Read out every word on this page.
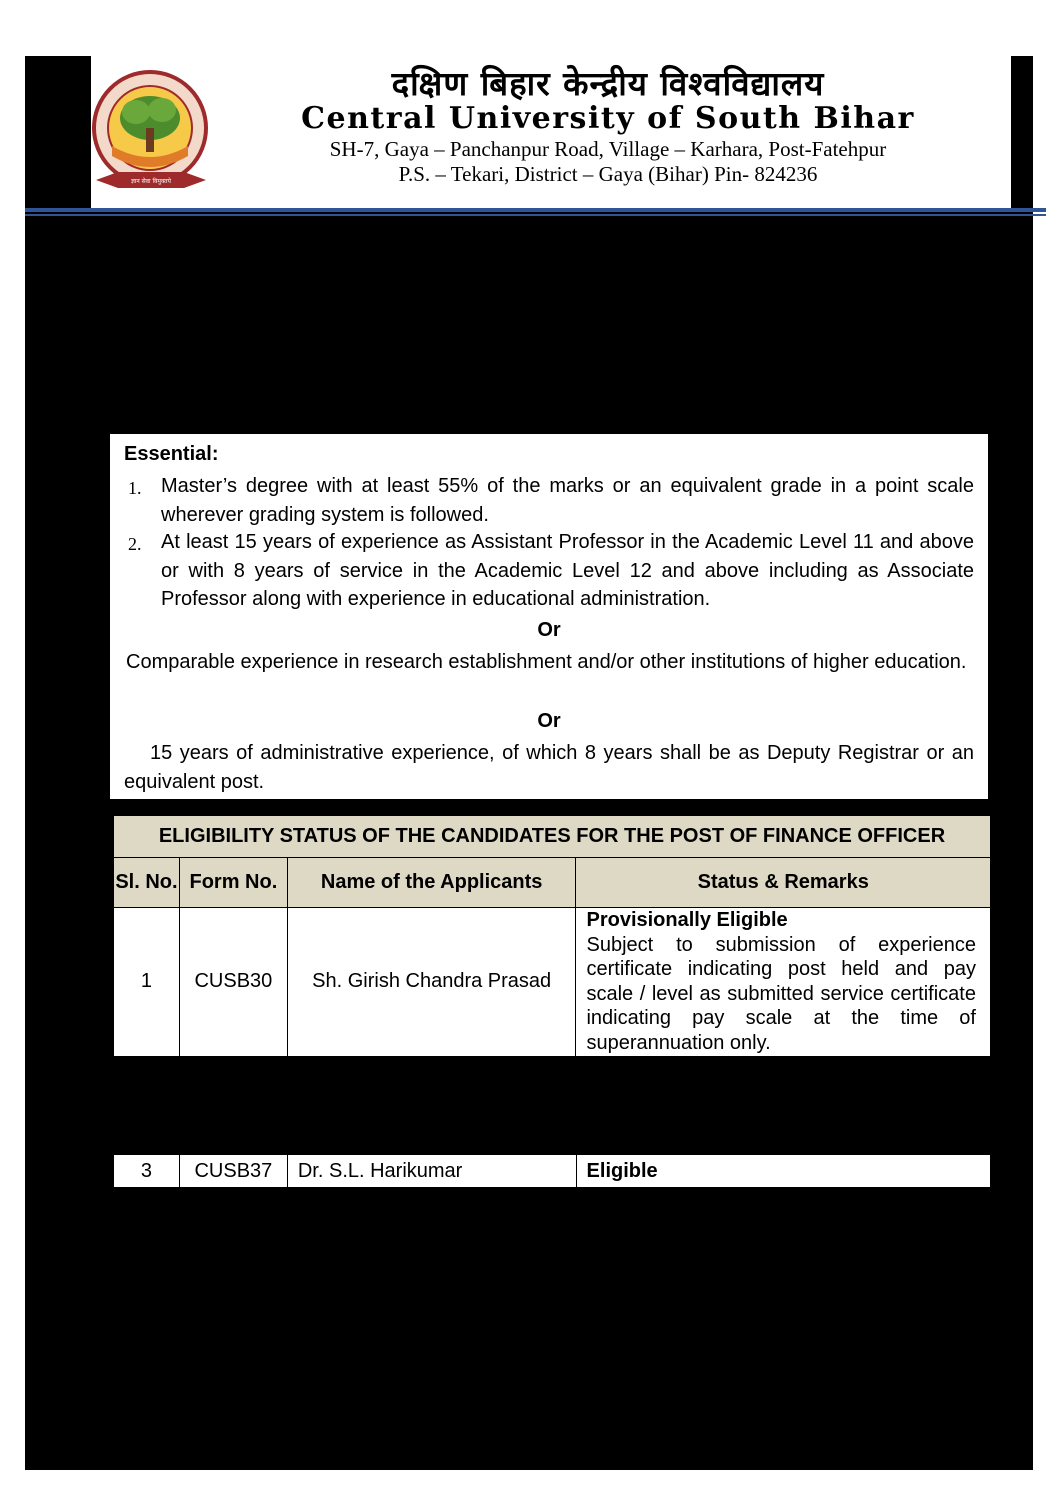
ज्ञान सेवा विमुक्तये
दक्षिण बिहार केन्द्रीय विश्वविद्यालय
Central University of South Bihar
SH-7, Gaya – Panchanpur Road, Village – Karhara, Post-Fatehpur
P.S. – Tekari, District – Gaya (Bihar) Pin- 824236
Essential:
1. Master’s degree with at least 55% of the marks or an equivalent grade in a point scale wherever grading system is followed.
2. At least 15 years of experience as Assistant Professor in the Academic Level 11 and above or with 8 years of service in the Academic Level 12 and above including as Associate Professor along with experience in educational administration.
Or
Comparable experience in research establishment and/or other institutions of higher education.
Or
15 years of administrative experience, of which 8 years shall be as Deputy Registrar or an equivalent post.
ELIGIBILITY STATUS OF THE CANDIDATES FOR THE POST OF FINANCE OFFICER			
Sl. No.	Form No.	Name of the Applicants	Status & Remarks
1	CUSB30	Sh. Girish Chandra Prasad	Provisionally Eligible
Subject to submission of experience certificate indicating post held and pay scale / level as submitted service certificate indicating pay scale at the time of superannuation only.
3	CUSB37	Dr. S.L. Harikumar	Eligible
